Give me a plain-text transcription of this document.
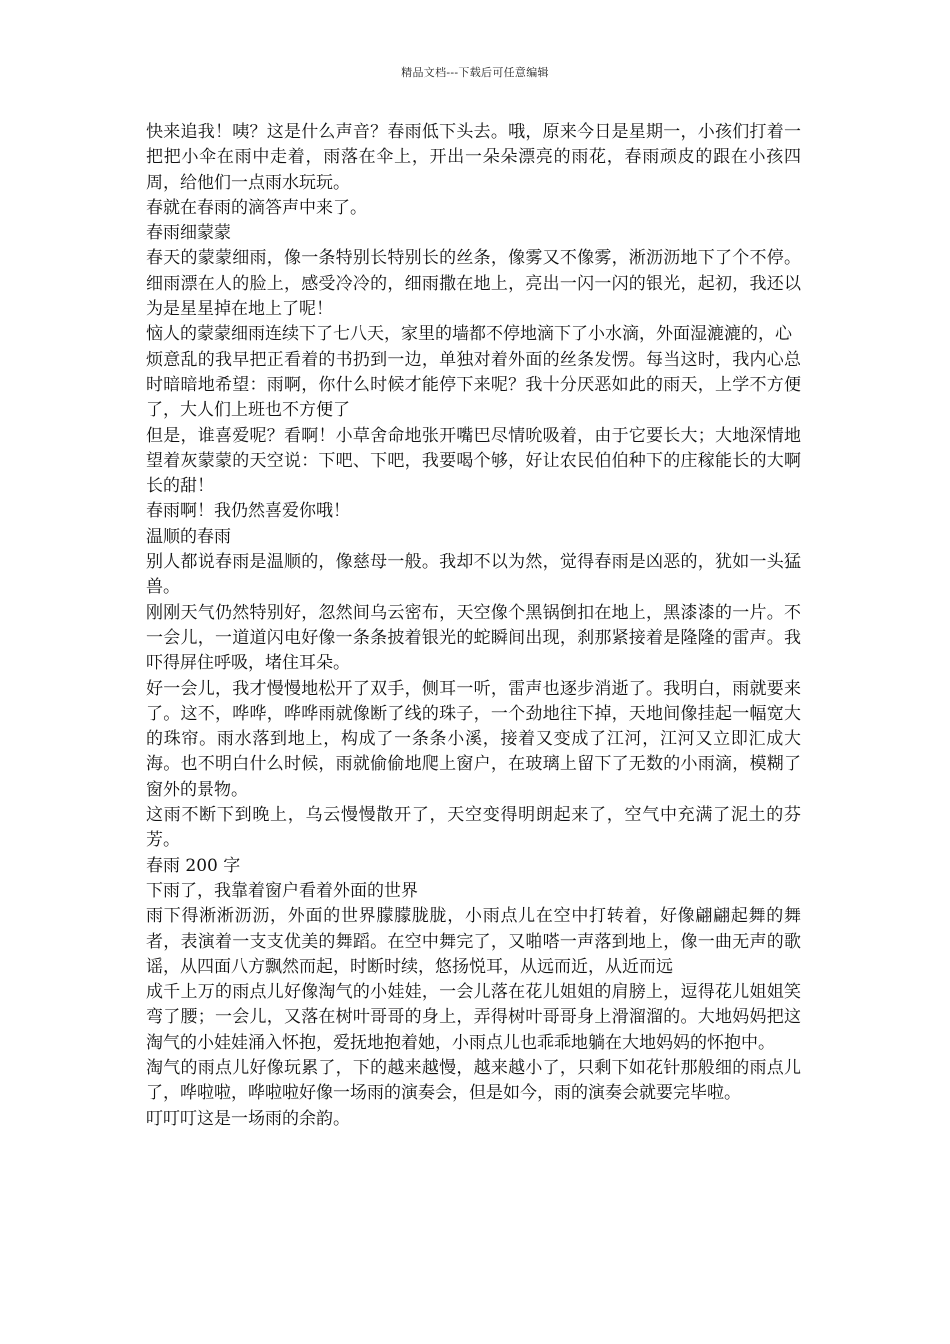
精品文档---下载后可任意编辑

快来追我！咦？这是什么声音？春雨低下头去。哦，原来今日是星期一，小孩们打着一把把小伞在雨中走着，雨落在伞上，开出一朵朵漂亮的雨花，春雨顽皮的跟在小孩四周，给他们一点雨水玩玩。

春就在春雨的滴答声中来了。

春雨细蒙蒙

春天的蒙蒙细雨，像一条特别长特别长的丝条，像雾又不像雾，淅沥沥地下了个不停。细雨漂在人的脸上，感受冷冷的，细雨撒在地上，亮出一闪一闪的银光，起初，我还以为是星星掉在地上了呢！

恼人的蒙蒙细雨连续下了七八天，家里的墙都不停地滴下了小水滴，外面湿漉漉的，心

烦意乱的我早把正看着的书扔到一边，单独对着外面的丝条发愣。每当这时，我内心总时暗暗地希望：雨啊，你什么时候才能停下来呢？我十分厌恶如此的雨天，上学不方便了，大人们上班也不方便了

但是，谁喜爱呢？看啊！小草舍命地张开嘴巴尽情吮吸着，由于它要长大；大地深情地望着灰蒙蒙的天空说：下吧、下吧，我要喝个够，好让农民伯伯种下的庄稼能长的大啊长的甜！

春雨啊！我仍然喜爱你哦！

温顺的春雨

别人都说春雨是温顺的，像慈母一般。我却不以为然，觉得春雨是凶恶的，犹如一头猛兽。

刚刚天气仍然特别好，忽然间乌云密布，天空像个黑锅倒扣在地上，黑漆漆的一片。不一会儿，一道道闪电好像一条条披着银光的蛇瞬间出现，刹那紧接着是隆隆的雷声。我吓得屏住呼吸，堵住耳朵。

好一会儿，我才慢慢地松开了双手，侧耳一听，雷声也逐步消逝了。我明白，雨就要来了。这不，哗哗，哗哗雨就像断了线的珠子，一个劲地往下掉，天地间像挂起一幅宽大的珠帘。雨水落到地上，构成了一条条小溪，接着又变成了江河，江河又立即汇成大海。也不明白什么时候，雨就偷偷地爬上窗户，在玻璃上留下了无数的小雨滴，模糊了窗外的景物。

这雨不断下到晚上，乌云慢慢散开了，天空变得明朗起来了，空气中充满了泥土的芬芳。

春雨 200 字

下雨了，我靠着窗户看着外面的世界

雨下得淅淅沥沥，外面的世界朦朦胧胧，小雨点儿在空中打转着，好像翩翩起舞的舞者，表演着一支支优美的舞蹈。在空中舞完了，又啪嗒一声落到地上，像一曲无声的歌谣，从四面八方飘然而起，时断时续，悠扬悦耳，从远而近，从近而远

成千上万的雨点儿好像淘气的小娃娃，一会儿落在花儿姐姐的肩膀上，逗得花儿姐姐笑弯了腰；一会儿，又落在树叶哥哥的身上，弄得树叶哥哥身上滑溜溜的。大地妈妈把这淘气的小娃娃涌入怀抱，爱抚地抱着她，小雨点儿也乖乖地躺在大地妈妈的怀抱中。

淘气的雨点儿好像玩累了，下的越来越慢，越来越小了，只剩下如花针那般细的雨点儿了，哗啦啦，哗啦啦好像一场雨的演奏会，但是如今，雨的演奏会就要完毕啦。

叮叮叮这是一场雨的余韵。
